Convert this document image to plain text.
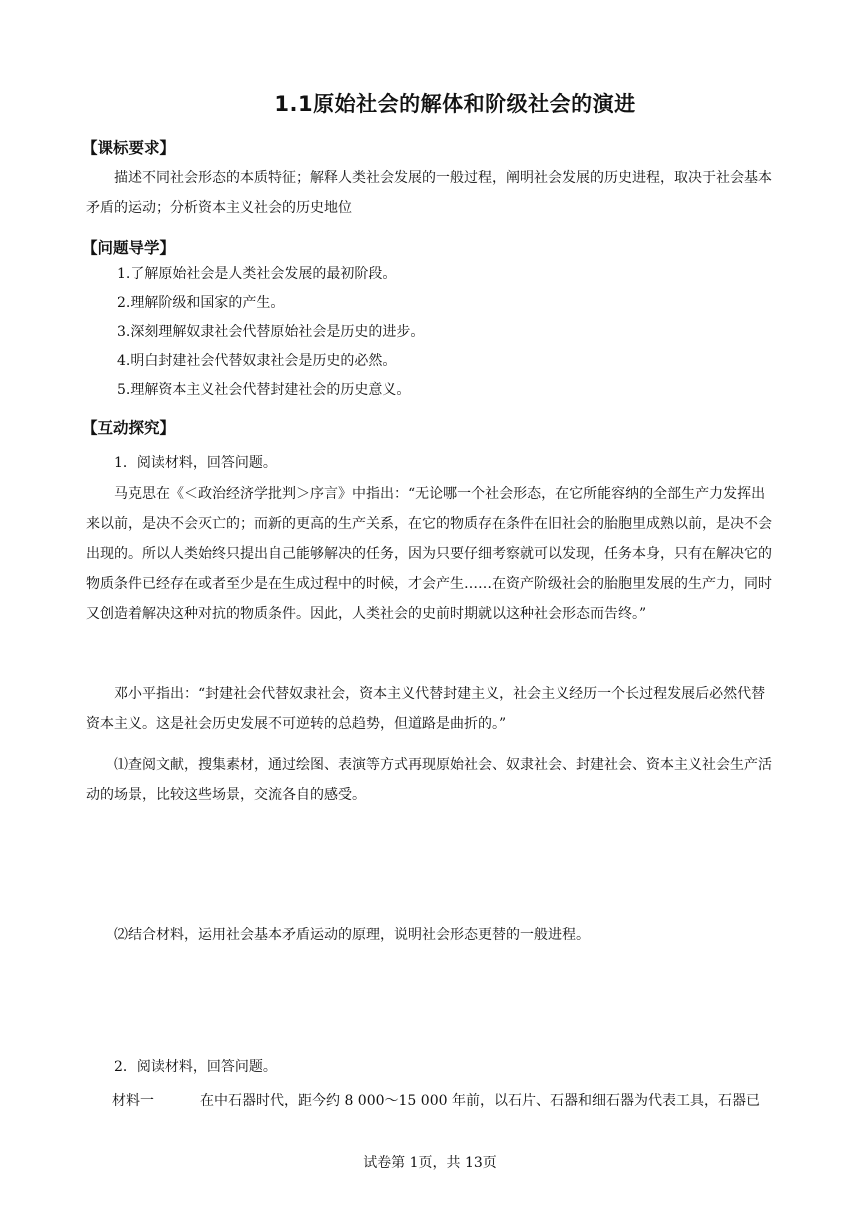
1.1原始社会的解体和阶级社会的演进
【课标要求】
描述不同社会形态的本质特征；解释人类社会发展的一般过程，阐明社会发展的历史进程，取决于社会基本矛盾的运动；分析资本主义社会的历史地位
【问题导学】
1.了解原始社会是人类社会发展的最初阶段。
2.理解阶级和国家的产生。
3.深刻理解奴隶社会代替原始社会是历史的进步。
4.明白封建社会代替奴隶社会是历史的必然。
5.理解资本主义社会代替封建社会的历史意义。
【互动探究】
1．阅读材料，回答问题。
马克思在《＜政治经济学批判＞序言》中指出：“无论哪一个社会形态，在它所能容纳的全部生产力发挥出来以前，是决不会灭亡的；而新的更高的生产关系，在它的物质存在条件在旧社会的胎胞里成熟以前，是决不会出现的。所以人类始终只提出自己能够解决的任务，因为只要仔细考察就可以发现，任务本身，只有在解决它的物质条件已经存在或者至少是在生成过程中的时候，才会产生……在资产阶级社会的胎胞里发展的生产力，同时又创造着解决这种对抗的物质条件。因此，人类社会的史前时期就以这种社会形态而告终。”
邓小平指出：“封建社会代替奴隶社会，资本主义代替封建主义，社会主义经历一个长过程发展后必然代替资本主义。这是社会历史发展不可逆转的总趋势，但道路是曲折的。”
⑴查阅文献，搜集素材，通过绘图、表演等方式再现原始社会、奴隶社会、封建社会、资本主义社会生产活动的场景，比较这些场景，交流各自的感受。
⑵结合材料，运用社会基本矛盾运动的原理，说明社会形态更替的一般进程。
2．阅读材料，回答问题。
材料一	在中石器时代，距今约 8 000～15 000 年前，以石片、石器和细石器为代表工具，石器已
试卷第 1页，共 13页
